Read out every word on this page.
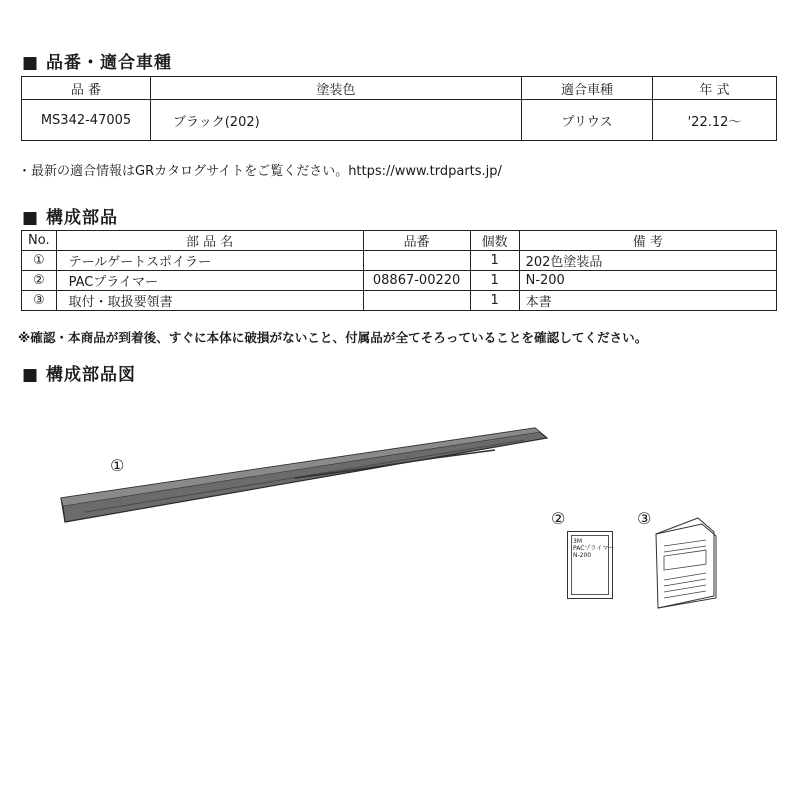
■ 品番・適合車種
品 番	塗装色	適合車種	年 式
MS342-47005	ブラック(202)	プリウス	'22.12〜
・最新の適合情報はGRカタログサイトをご覧ください。https://www.trdparts.jp/
■ 構成部品
No.	部 品 名	品番	個数	備 考
①	テールゲートスポイラー		1	202色塗装品
②	PACプライマー	08867-00220	1	N-200
③	取付・取扱要領書		1	本書
※確認・本商品が到着後、すぐに本体に破損がないこと、付属品が全てそろっていることを確認してください。
■ 構成部品図
①
②	③
3M
PACプライマー
N-200
